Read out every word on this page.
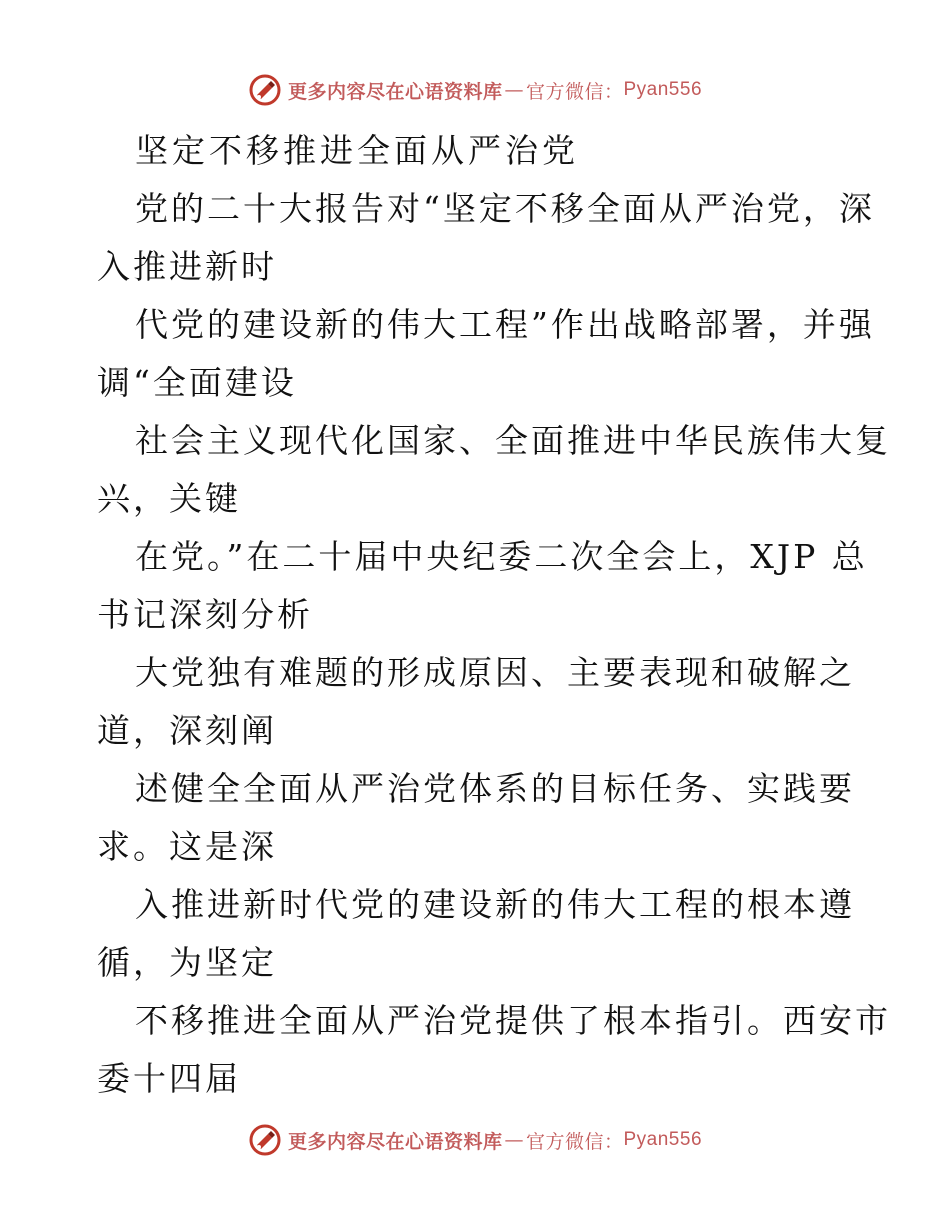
更多内容尽在心语资料库 — 官方微信： Pyan556
坚定不移推进全面从严治党
党的二十大报告对“坚定不移全面从严治党，深
入推进新时
代党的建设新的伟大工程”作出战略部署，并强
调“全面建设
社会主义现代化国家、全面推进中华民族伟大复
兴，关键
在党。”在二十届中央纪委二次全会上，XJP 总
书记深刻分析
大党独有难题的形成原因、主要表现和破解之
道，深刻阐
述健全全面从严治党体系的目标任务、实践要
求。这是深
入推进新时代党的建设新的伟大工程的根本遵
循，为坚定
不移推进全面从严治党提供了根本指引。西安市
委十四届
更多内容尽在心语资料库 — 官方微信： Pyan556
